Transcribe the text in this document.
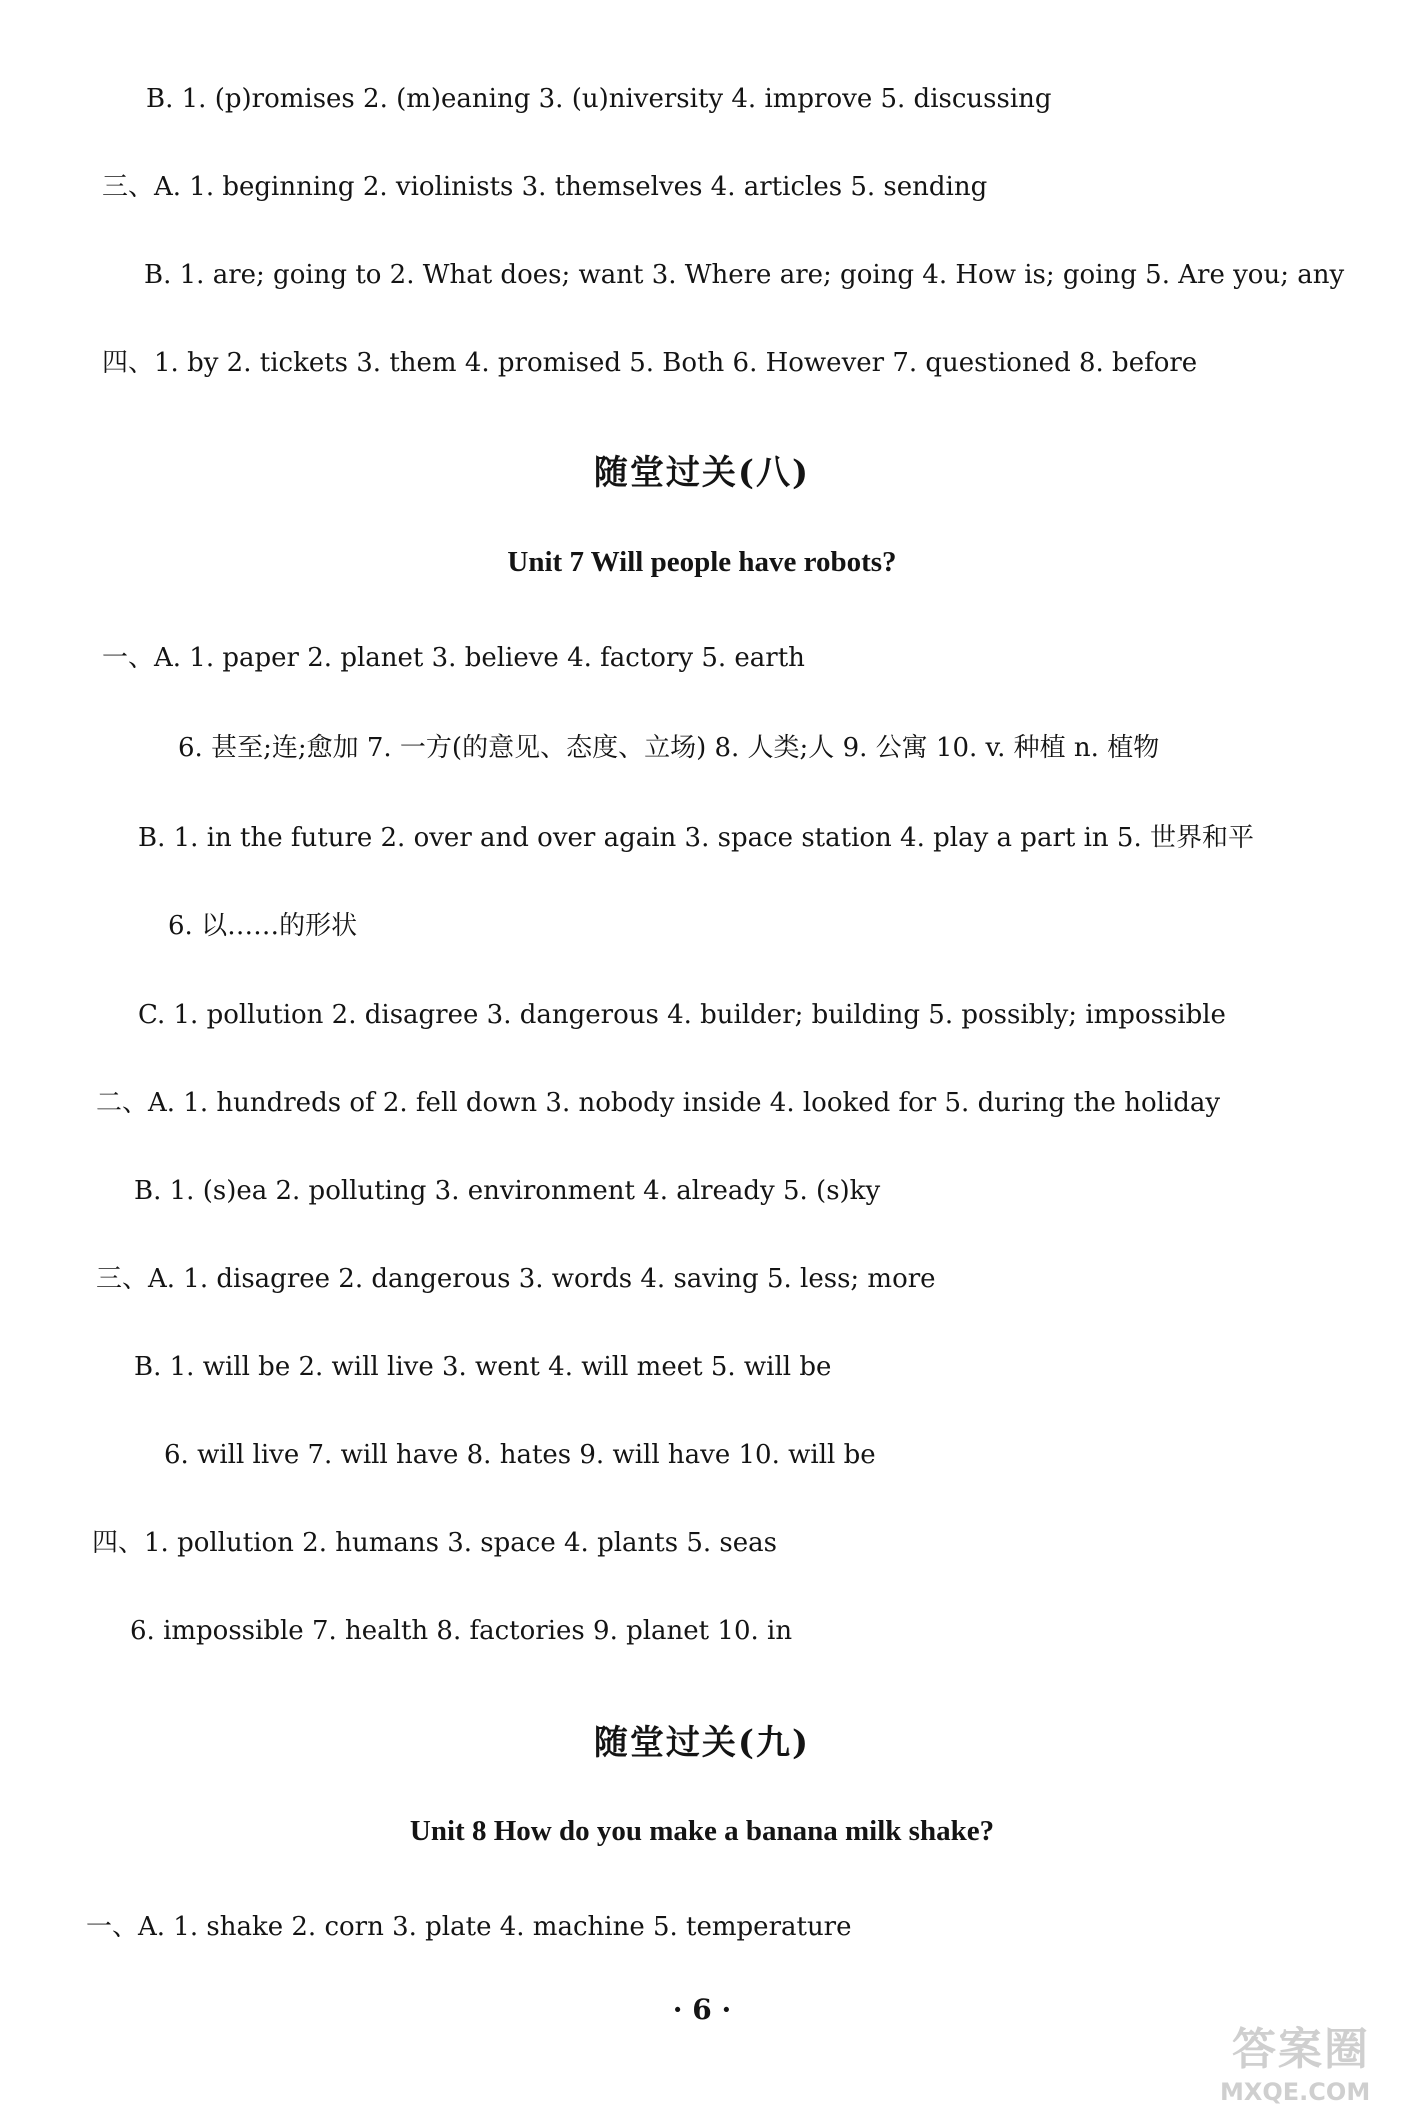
B. 1. (p)romises 2. (m)eaning 3. (u)niversity 4. improve 5. discussing
三、A. 1. beginning 2. violinists 3. themselves 4. articles 5. sending
B. 1. are; going to 2. What does; want 3. Where are; going 4. How is; going 5. Are you; any
四、1. by 2. tickets 3. them 4. promised 5. Both 6. However 7. questioned 8. before
随堂过关(八)
Unit 7 Will people have robots?
一、A. 1. paper 2. planet 3. believe 4. factory 5. earth
6. 甚至;连;愈加 7. 一方(的意见、态度、立场) 8. 人类;人 9. 公寓 10. v. 种植 n. 植物
B. 1. in the future 2. over and over again 3. space station 4. play a part in 5. 世界和平
6. 以……的形状
C. 1. pollution 2. disagree 3. dangerous 4. builder; building 5. possibly; impossible
二、A. 1. hundreds of 2. fell down 3. nobody inside 4. looked for 5. during the holiday
B. 1. (s)ea 2. polluting 3. environment 4. already 5. (s)ky
三、A. 1. disagree 2. dangerous 3. words 4. saving 5. less; more
B. 1. will be 2. will live 3. went 4. will meet 5. will be
6. will live 7. will have 8. hates 9. will have 10. will be
四、1. pollution 2. humans 3. space 4. plants 5. seas
6. impossible 7. health 8. factories 9. planet 10. in
随堂过关(九)
Unit 8 How do you make a banana milk shake?
一、A. 1. shake 2. corn 3. plate 4. machine 5. temperature
· 6 ·
答案圈
MXQE.COM
